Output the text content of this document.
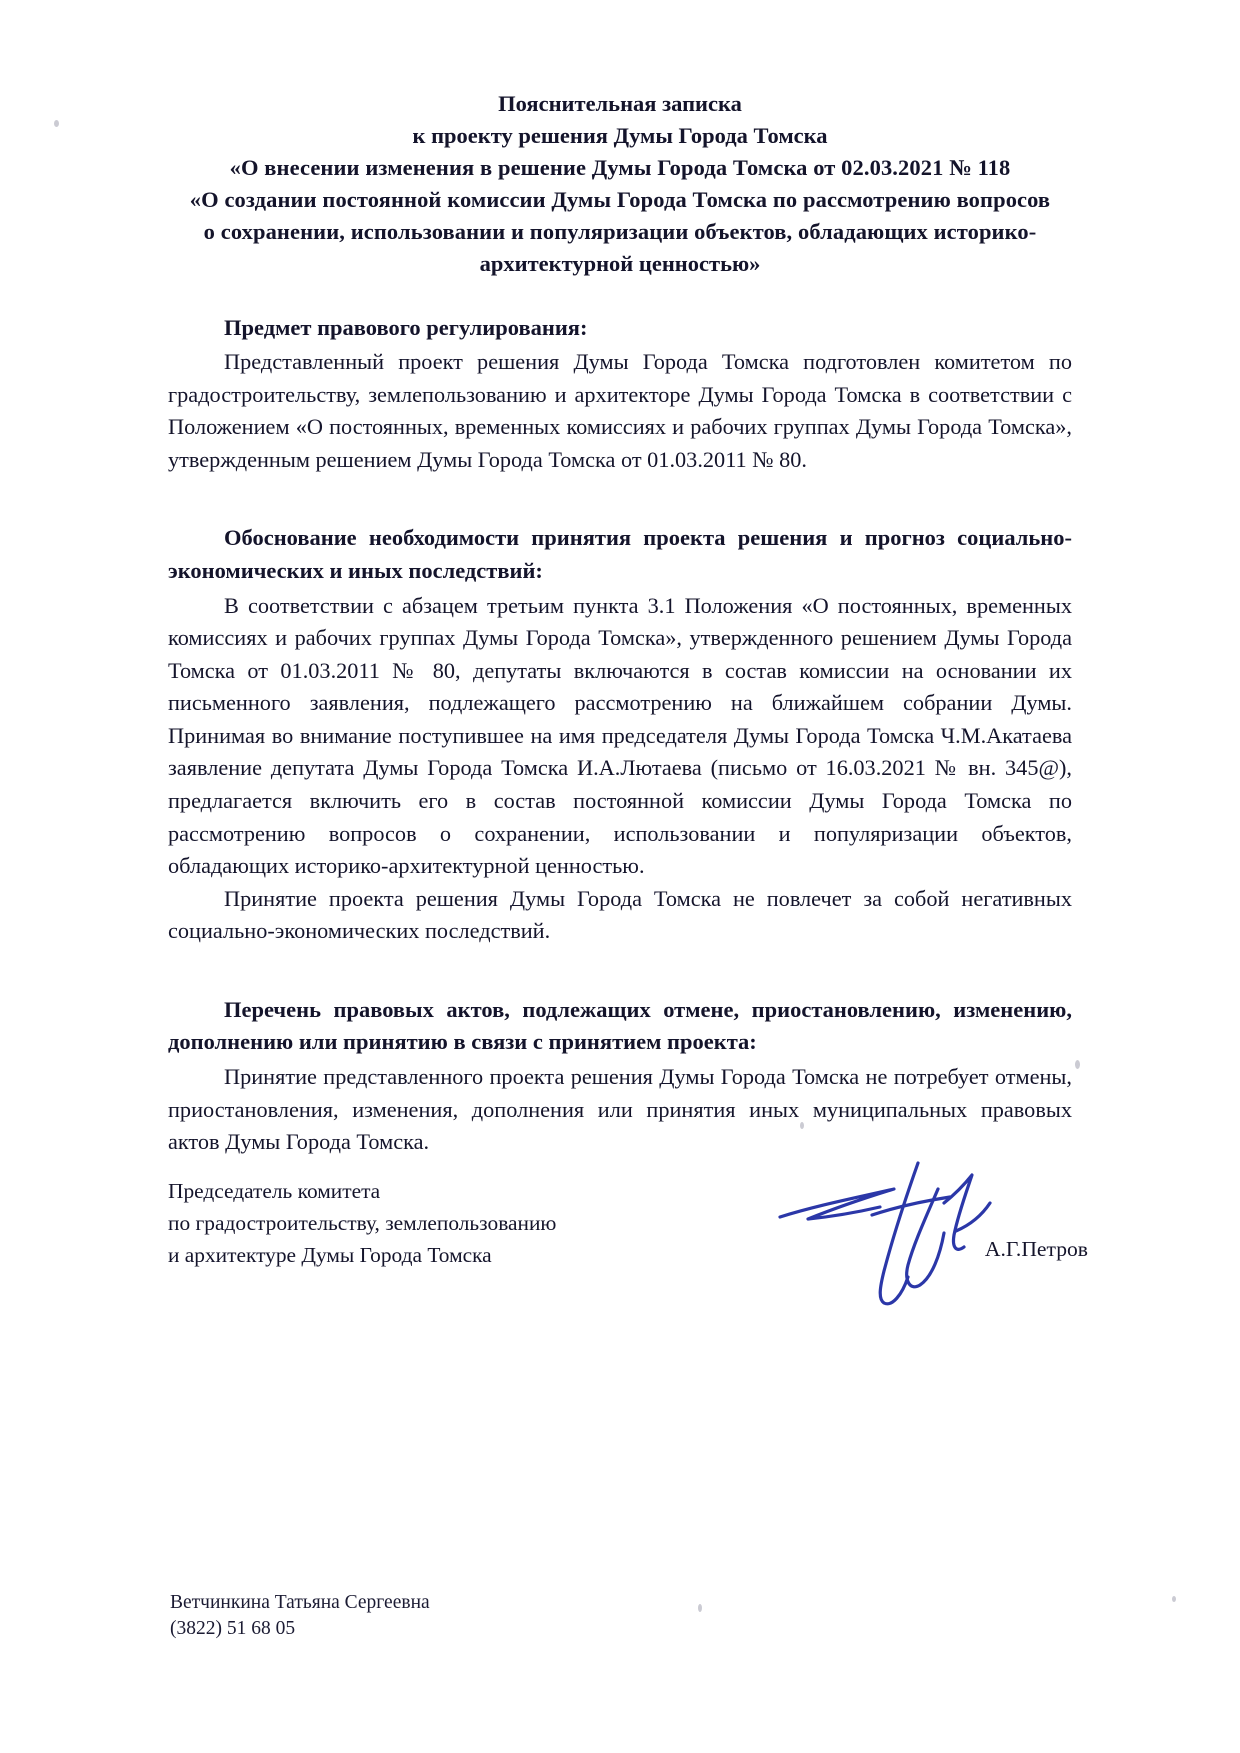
Пояснительная записка
к проекту решения Думы Города Томска
«О внесении изменения в решение Думы Города Томска от 02.03.2021 № 118
«О создании постоянной комиссии Думы Города Томска по рассмотрению вопросов
о сохранении, использовании и популяризации объектов, обладающих историко-
архитектурной ценностью»
Предмет правового регулирования:

Представленный проект решения Думы Города Томска подготовлен комитетом по градостроительству, землепользованию и архитекторе Думы Города Томска в соответствии с Положением «О постоянных, временных комиссиях и рабочих группах Думы Города Томска», утвержденным решением Думы Города Томска от 01.03.2011 № 80.

Обоснование необходимости принятия проекта решения и прогноз социально-экономических и иных последствий:

В соответствии с абзацем третьим пункта 3.1 Положения «О постоянных, временных комиссиях и рабочих группах Думы Города Томска», утвержденного решением Думы Города Томска от 01.03.2011 № 80, депутаты включаются в состав комиссии на основании их письменного заявления, подлежащего рассмотрению на ближайшем собрании Думы. Принимая во внимание поступившее на имя председателя Думы Города Томска Ч.М.Акатаева заявление депутата Думы Города Томска И.А.Лютаева (письмо от 16.03.2021 № вн. 345@), предлагается включить его в состав постоянной комиссии Думы Города Томска по рассмотрению вопросов о сохранении, использовании и популяризации объектов, обладающих историко-архитектурной ценностью.

Принятие проекта решения Думы Города Томска не повлечет за собой негативных социально-экономических последствий.

Перечень правовых актов, подлежащих отмене, приостановлению, изменению, дополнению или принятию в связи с принятием проекта:

Принятие представленного проекта решения Думы Города Томска не потребует отмены, приостановления, изменения, дополнения или принятия иных муниципальных правовых актов Думы Города Томска.

Председатель комитета
по градостроительству, землепользованию
и архитектуре Думы Города Томска	А.Г.Петров
Ветчинкина Татьяна Сергеевна
(3822) 51 68 05
